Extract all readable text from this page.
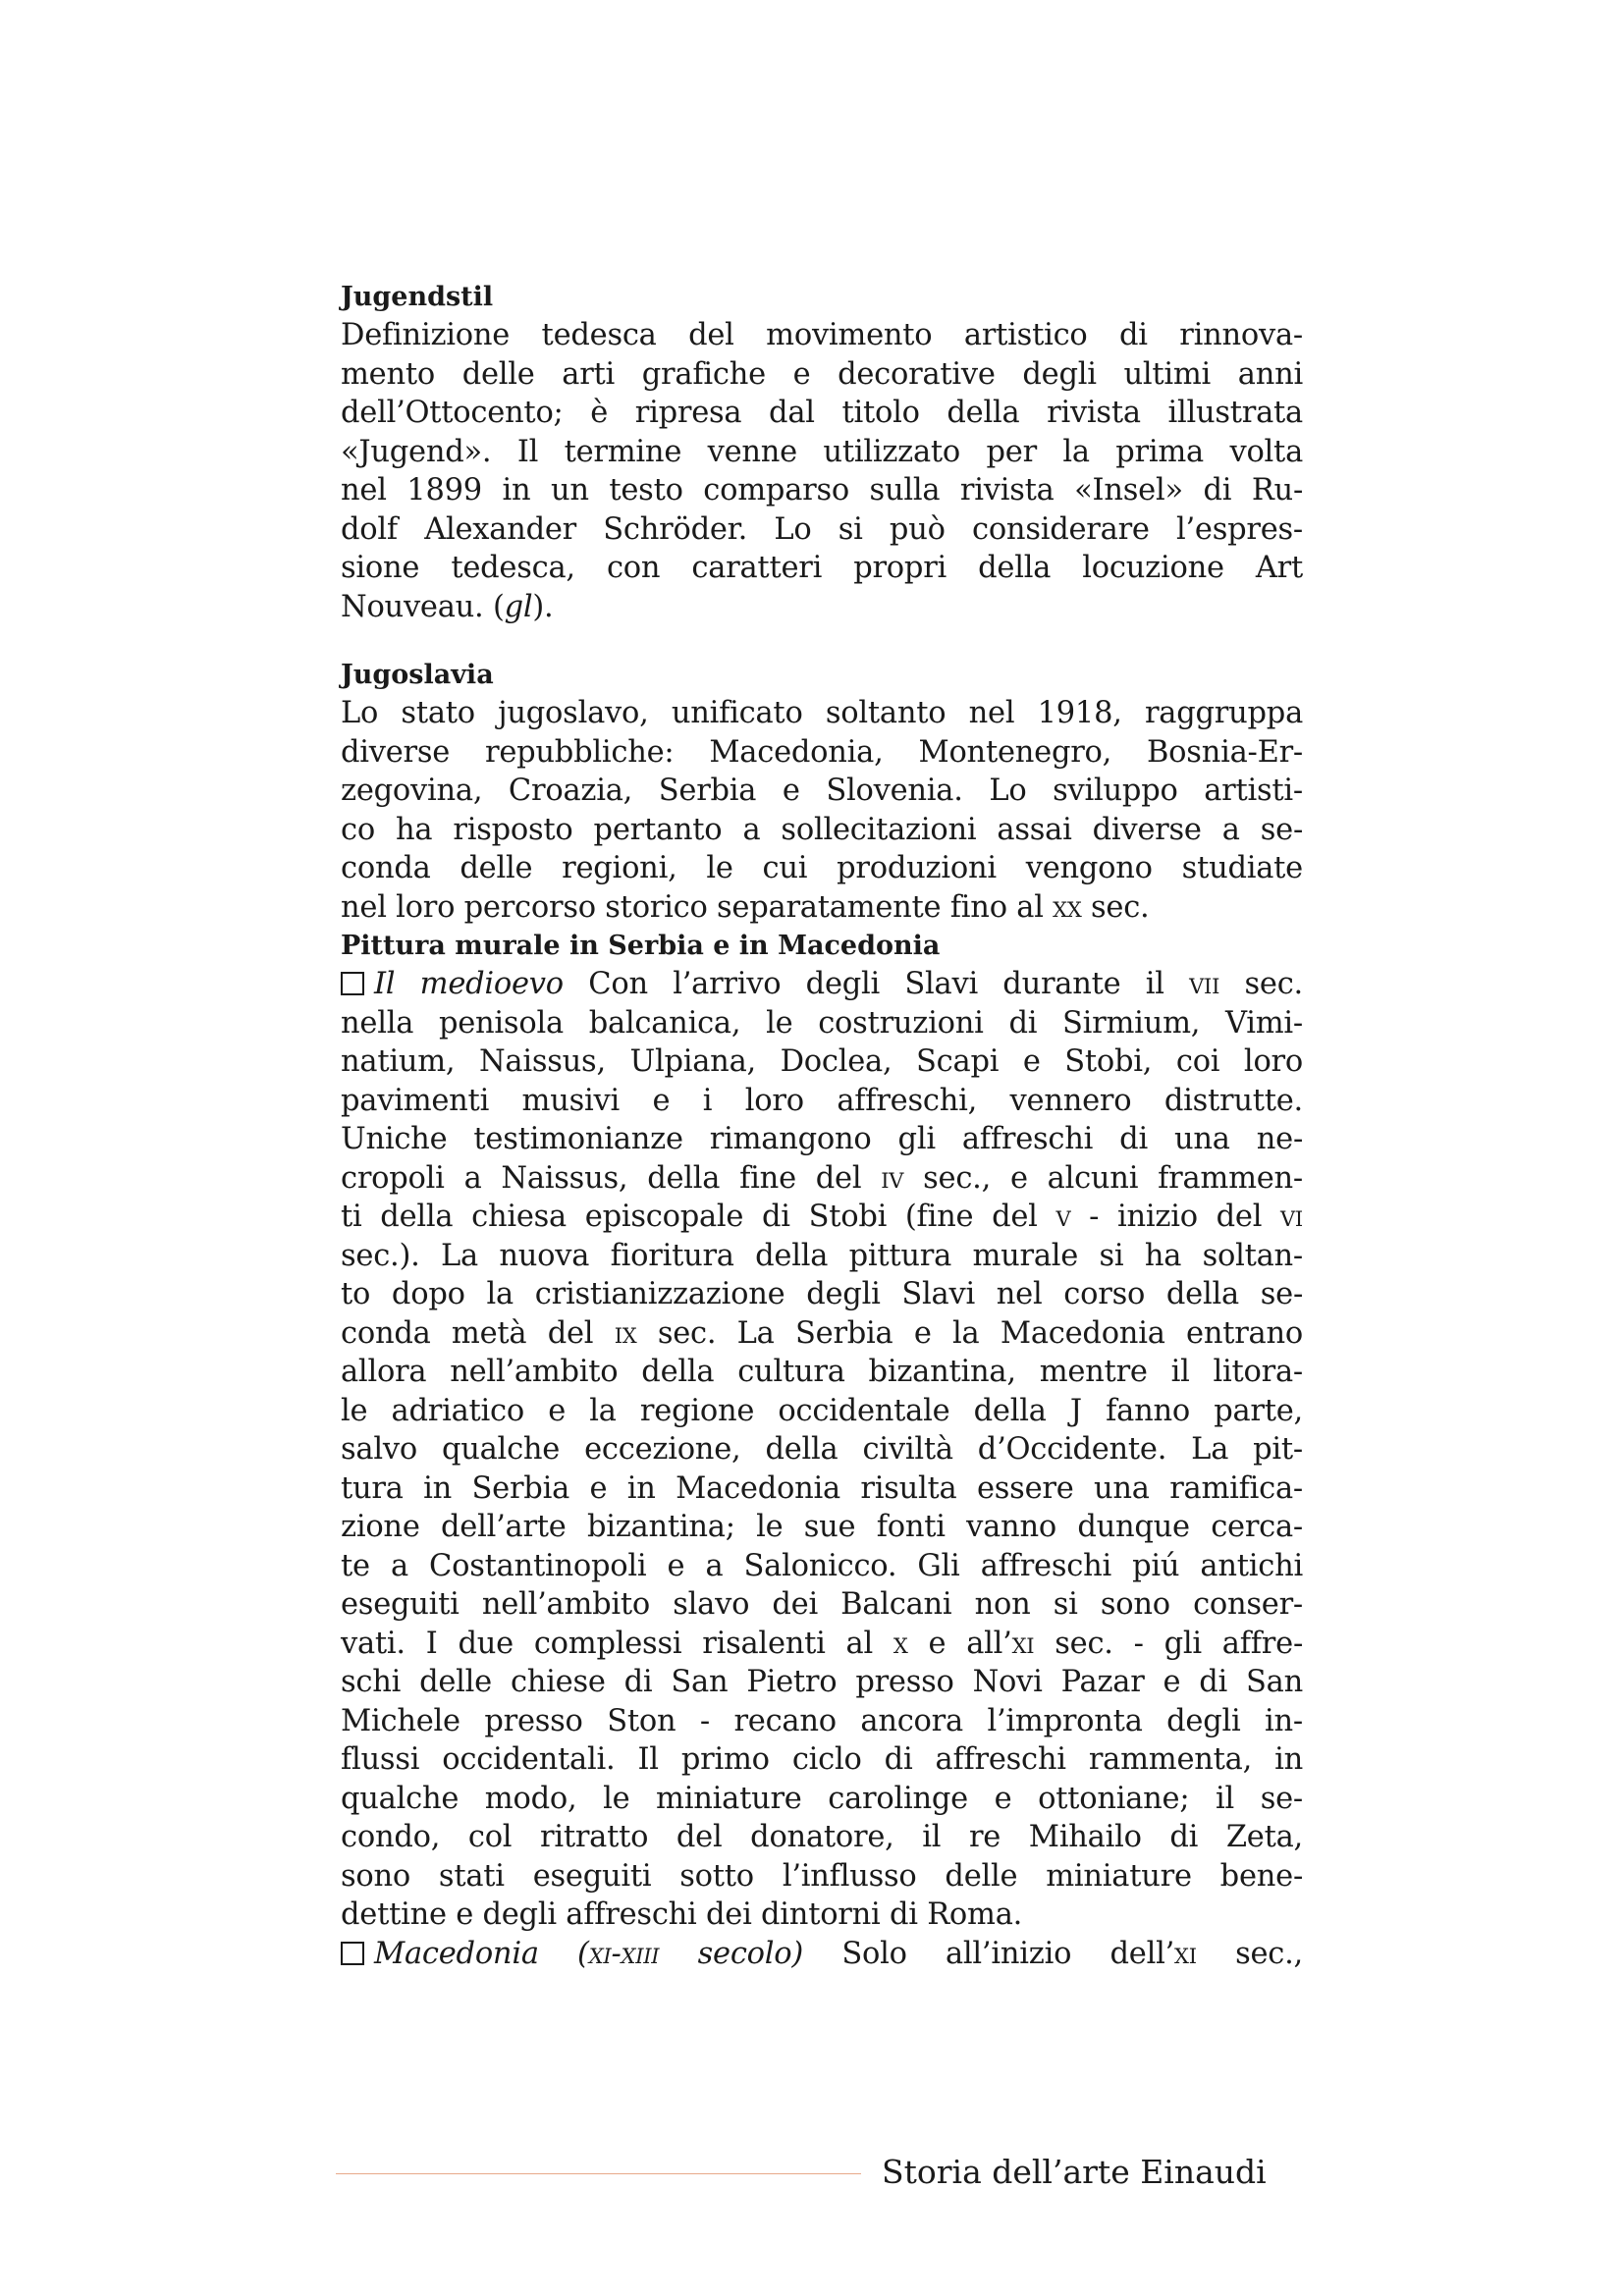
Jugendstil
Definizione tedesca del movimento artistico di rinnova-
mento delle arti grafiche e decorative degli ultimi anni
dell’Ottocento; è ripresa dal titolo della rivista illustrata
«Jugend». Il termine venne utilizzato per la prima volta
nel 1899 in un testo comparso sulla rivista «Insel» di Ru-
dolf Alexander Schröder. Lo si può considerare l’espres-
sione tedesca, con caratteri propri della locuzione Art
Nouveau. (gl).
Jugoslavia
Lo stato jugoslavo, unificato soltanto nel 1918, raggruppa
diverse repubbliche: Macedonia, Montenegro, Bosnia-Er-
zegovina, Croazia, Serbia e Slovenia. Lo sviluppo artisti-
co ha risposto pertanto a sollecitazioni assai diverse a se-
conda delle regioni, le cui produzioni vengono studiate
nel loro percorso storico separatamente fino al xx sec.
Pittura murale in Serbia e in Macedonia
Il medioevo Con l’arrivo degli Slavi durante il vii sec.
nella penisola balcanica, le costruzioni di Sirmium, Vimi-
natium, Naissus, Ulpiana, Doclea, Scapi e Stobi, coi loro
pavimenti musivi e i loro affreschi, vennero distrutte.
Uniche testimonianze rimangono gli affreschi di una ne-
cropoli a Naissus, della fine del iv sec., e alcuni frammen-
ti della chiesa episcopale di Stobi (fine del v - inizio del vi
sec.). La nuova fioritura della pittura murale si ha soltan-
to dopo la cristianizzazione degli Slavi nel corso della se-
conda metà del ix sec. La Serbia e la Macedonia entrano
allora nell’ambito della cultura bizantina, mentre il litora-
le adriatico e la regione occidentale della J fanno parte,
salvo qualche eccezione, della civiltà d’Occidente. La pit-
tura in Serbia e in Macedonia risulta essere una ramifica-
zione dell’arte bizantina; le sue fonti vanno dunque cerca-
te a Costantinopoli e a Salonicco. Gli affreschi piú antichi
eseguiti nell’ambito slavo dei Balcani non si sono conser-
vati. I due complessi risalenti al x e all’xi sec. - gli affre-
schi delle chiese di San Pietro presso Novi Pazar e di San
Michele presso Ston - recano ancora l’impronta degli in-
flussi occidentali. Il primo ciclo di affreschi rammenta, in
qualche modo, le miniature carolinge e ottoniane; il se-
condo, col ritratto del donatore, il re Mihailo di Zeta,
sono stati eseguiti sotto l’influsso delle miniature bene-
dettine e degli affreschi dei dintorni di Roma.
Macedonia (xi-xiii secolo) Solo all’inizio dell’xi sec.,
Storia dell’arte Einaudi
